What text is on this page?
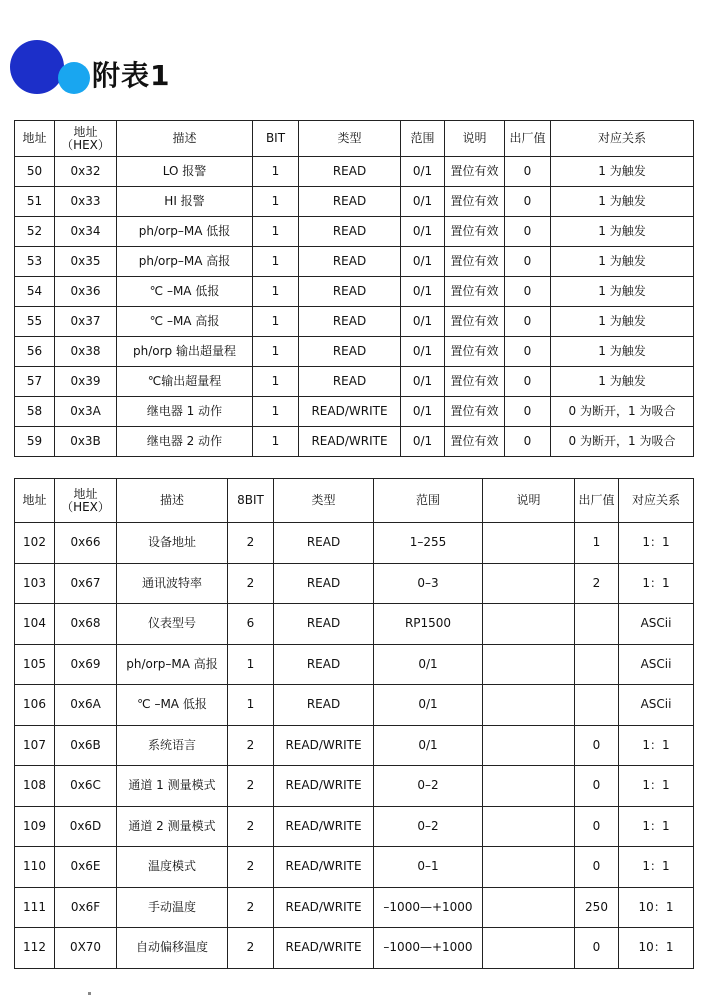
附表1
地址	地址（HEX）	描述	BIT	类型	范围	说明	出厂值	对应关系
50	0x32	LO 报警	1	READ	0/1	置位有效	0	1 为触发
51	0x33	HI 报警	1	READ	0/1	置位有效	0	1 为触发
52	0x34	ph/orp–MA 低报	1	READ	0/1	置位有效	0	1 为触发
53	0x35	ph/orp–MA 高报	1	READ	0/1	置位有效	0	1 为触发
54	0x36	℃ –MA 低报	1	READ	0/1	置位有效	0	1 为触发
55	0x37	℃ –MA 高报	1	READ	0/1	置位有效	0	1 为触发
56	0x38	ph/orp 输出超量程	1	READ	0/1	置位有效	0	1 为触发
57	0x39	℃输出超量程	1	READ	0/1	置位有效	0	1 为触发
58	0x3A	继电器 1 动作	1	READ/WRITE	0/1	置位有效	0	0 为断开，1 为吸合
59	0x3B	继电器 2 动作	1	READ/WRITE	0/1	置位有效	0	0 为断开，1 为吸合
地址	地址（HEX）	描述	8BIT	类型	范围	说明	出厂值	对应关系
102	0x66	设备地址	2	READ	1–255		1	1：1
103	0x67	通讯波特率	2	READ	0–3		2	1：1
104	0x68	仪表型号	6	READ	RP1500			ASCii
105	0x69	ph/orp–MA 高报	1	READ	0/1			ASCii
106	0x6A	℃ –MA 低报	1	READ	0/1			ASCii
107	0x6B	系统语言	2	READ/WRITE	0/1		0	1：1
108	0x6C	通道 1 测量模式	2	READ/WRITE	0–2		0	1：1
109	0x6D	通道 2 测量模式	2	READ/WRITE	0–2		0	1：1
110	0x6E	温度模式	2	READ/WRITE	0–1		0	1：1
111	0x6F	手动温度	2	READ/WRITE	–1000—+1000		250	10：1
112	0X70	自动偏移温度	2	READ/WRITE	–1000—+1000		0	10：1
